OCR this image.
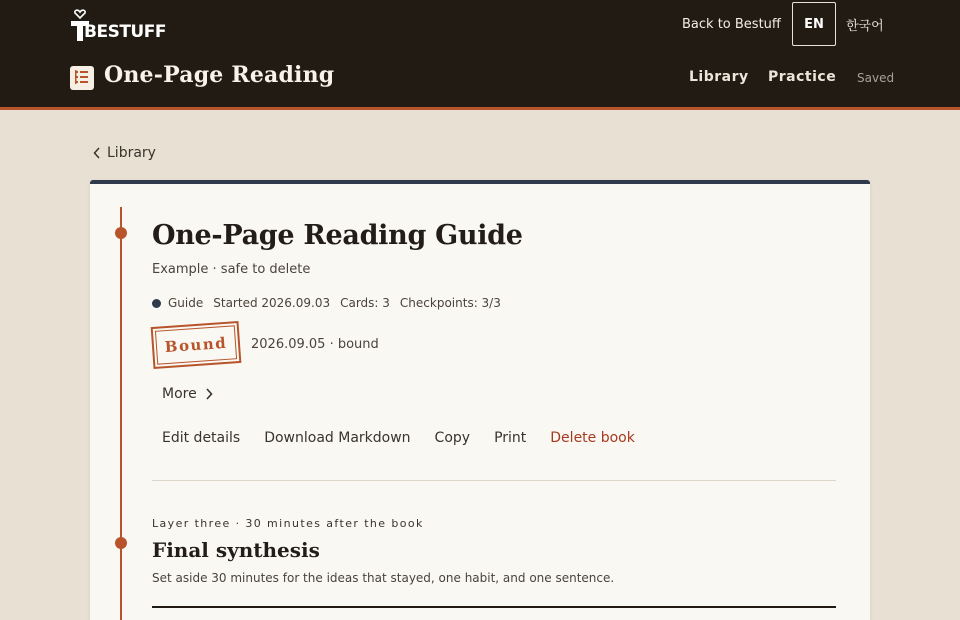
BESTUFF	Back to Bestuff	EN	한국어
One-Page Reading	Library Practice Saved
Library
One-Page Reading Guide
Example · safe to delete
Guide Started 2026.09.03 Cards: 3 Checkpoints: 3/3
Bound	2026.09.05 · bound
More
Edit details Download Markdown Copy Print Delete book
Layer three · 30 minutes after the book
Final synthesis
Set aside 30 minutes for the ideas that stayed, one habit, and one sentence.
